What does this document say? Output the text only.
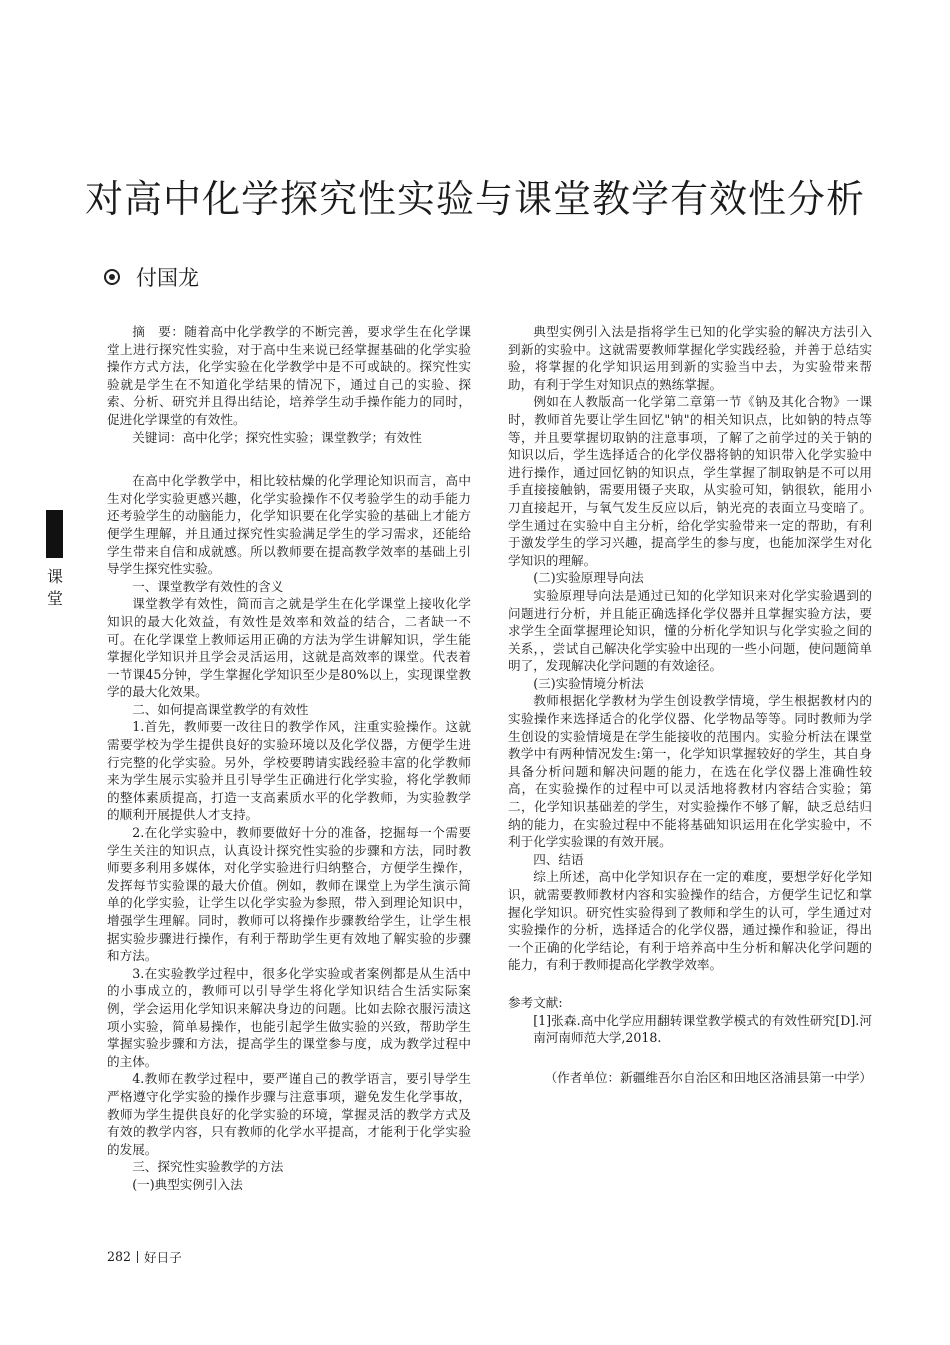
对高中化学探究性实验与课堂教学有效性分析
付国龙
课堂

摘　要：随着高中化学教学的不断完善，要求学生在化学课堂上进行探究性实验，对于高中生来说已经掌握基础的化学实验操作方式方法，化学实验在化学教学中是不可或缺的。探究性实验就是学生在不知道化学结果的情况下，通过自己的实验、探索、分析、研究并且得出结论，培养学生动手操作能力的同时，促进化学课堂的有效性。

关键词：高中化学；探究性实验；课堂教学；有效性

在高中化学教学中，相比较枯燥的化学理论知识而言，高中生对化学实验更感兴趣，化学实验操作不仅考验学生的动手能力还考验学生的动脑能力，化学知识要在化学实验的基础上才能方便学生理解，并且通过探究性实验满足学生的学习需求，还能给学生带来自信和成就感。所以教师要在提高教学效率的基础上引导学生探究性实验。

一、课堂教学有效性的含义

课堂教学有效性，简而言之就是学生在化学课堂上接收化学知识的最大化效益，有效性是效率和效益的结合，二者缺一不可。在化学课堂上教师运用正确的方法为学生讲解知识，学生能掌握化学知识并且学会灵活运用，这就是高效率的课堂。代表着一节课45分钟，学生掌握化学知识至少是80%以上，实现课堂教学的最大化效果。

二、如何提高课堂教学的有效性

1.首先，教师要一改往日的教学作风，注重实验操作。这就需要学校为学生提供良好的实验环境以及化学仪器，方便学生进行完整的化学实验。另外，学校要聘请实践经验丰富的化学教师来为学生展示实验并且引导学生正确进行化学实验，将化学教师的整体素质提高，打造一支高素质水平的化学教师，为实验教学的顺利开展提供人才支持。

2.在化学实验中，教师要做好十分的准备，挖掘每一个需要学生关注的知识点，认真设计探究性实验的步骤和方法，同时教师要多利用多媒体，对化学实验进行归纳整合，方便学生操作，发挥每节实验课的最大价值。例如，教师在课堂上为学生演示简单的化学实验，让学生以化学实验为参照，带入到理论知识中，增强学生理解。同时，教师可以将操作步骤教给学生，让学生根据实验步骤进行操作，有利于帮助学生更有效地了解实验的步骤和方法。

3.在实验教学过程中，很多化学实验或者案例都是从生活中的小事成立的，教师可以引导学生将化学知识结合生活实际案例，学会运用化学知识来解决身边的问题。比如去除衣服污渍这项小实验，简单易操作，也能引起学生做实验的兴致，帮助学生掌握实验步骤和方法，提高学生的课堂参与度，成为教学过程中的主体。

4.教师在教学过程中，要严谨自己的教学语言，要引导学生严格遵守化学实验的操作步骤与注意事项，避免发生化学事故，教师为学生提供良好的化学实验的环境，掌握灵活的教学方式及有效的教学内容，只有教师的化学水平提高，才能利于化学实验的发展。

三、探究性实验教学的方法

(一)典型实例引入法

典型实例引入法是指将学生已知的化学实验的解决方法引入到新的实验中。这就需要教师掌握化学实践经验，并善于总结实验，将掌握的化学知识运用到新的实验当中去，为实验带来帮助，有利于学生对知识点的熟练掌握。

例如在人教版高一化学第二章第一节《钠及其化合物》一课时，教师首先要让学生回忆"钠"的相关知识点，比如钠的特点等等，并且要掌握切取钠的注意事项，了解了之前学过的关于钠的知识以后，学生选择适合的化学仪器将钠的知识带入化学实验中进行操作，通过回忆钠的知识点，学生掌握了制取钠是不可以用手直接接触钠，需要用镊子夹取，从实验可知，钠很软，能用小刀直接起开，与氧气发生反应以后，钠光亮的表面立马变暗了。学生通过在实验中自主分析，给化学实验带来一定的帮助，有利于激发学生的学习兴趣，提高学生的参与度，也能加深学生对化学知识的理解。

(二)实验原理导向法

实验原理导向法是通过已知的化学知识来对化学实验遇到的问题进行分析，并且能正确选择化学仪器并且掌握实验方法，要求学生全面掌握理论知识，懂的分析化学知识与化学实验之间的关系，，尝试自己解决化学实验中出现的一些小问题，使问题简单明了，发现解决化学问题的有效途径。

(三)实验情境分析法

教师根据化学教材为学生创设教学情境，学生根据教材内的实验操作来选择适合的化学仪器、化学物品等等。同时教师为学生创设的实验情境是在学生能接收的范围内。实验分析法在课堂教学中有两种情况发生:第一，化学知识掌握较好的学生，其自身具备分析问题和解决问题的能力，在选在化学仪器上准确性较高，在实验操作的过程中可以灵活地将教材内容结合实验；第二，化学知识基础差的学生，对实验操作不够了解，缺乏总结归纳的能力，在实验过程中不能将基础知识运用在化学实验中，不利于化学实验课的有效开展。

四、结语

综上所述，高中化学知识存在一定的难度，要想学好化学知识，就需要教师教材内容和实验操作的结合，方便学生记忆和掌握化学知识。研究性实验得到了教师和学生的认可，学生通过对实验操作的分析，选择适合的化学仪器，通过操作和验证，得出一个正确的化学结论，有利于培养高中生分析和解决化学问题的能力，有利于教师提高化学教学效率。

参考文献:

[1]张森.高中化学应用翻转课堂教学模式的有效性研究[D].河南河南师范大学,2018.

（作者单位：新疆维吾尔自治区和田地区洛浦县第一中学）

282 好日子
